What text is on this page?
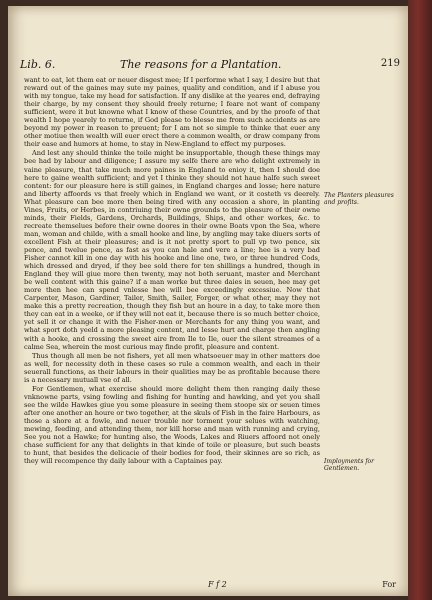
Lib. 6.	The reasons for a Plantation.	219

want to eat, let them eat or neuer disgest mee; If I performe what I say, I desire but that reward out of the gaines may sute my paines, quality and condition, and if I abuse you with my tongue, take my head for satisfaction. If any dislike at the yeares end, defraying their charge, by my consent they should freely returne; I feare not want of company sufficient, were it but knowne what I know of these Countries, and by the proofe of that wealth I hope yearely to returne, if God please to blesse me from such accidents as are beyond my power in reason to preuent; for I am not so simple to thinke that euer any other motiue then wealth will euer erect there a common wealth, or draw company from their ease and humors at home, to stay in New-England to effect my purposes.

And lest any should thinke the toile might be insupportable, though these things may bee had by labour and diligence; I assure my selfe there are who delight extremely in vaine pleasure, that take much more paines in England to enioy it, then I should doe here to gaine wealth sufficient; and yet I thinke they should not haue halfe such sweet content: for our pleasure here is still gaines, in England charges and losse; here nature and liberty affoords vs that freely which in England we want, or it costeth vs deerely. What pleasure can bee more then being tired with any occasion a shore, in planting Vines, Fruits, or Herbes, in contriuing their owne grounds to the pleasure of their owne minds, their Fields, Gardens, Orchards, Buildings, Ships, and other workes, &c. to recreate themselues before their owne doores in their owne Boats vpon the Sea, where man, woman and childe, with a small hooke and line, by angling may take diuers sorts of excellent Fish at their pleasures; and is it not pretty sport to pull vp two pence, six pence, and twelue pence, as fast as you can hale and vere a line; hee is a very bad Fisher cannot kill in one day with his hooke and line one, two, or three hundred Cods, which dressed and dryed, if they bee sold there for ten shillings a hundred, though in England they will giue more then twenty, may not both seruant, master and Merchant be well content with this gaine? if a man worke but three daies in seuen, hee may get more then hee can spend vnlesse hee will bee exceedingly excessiue. Now that Carpenter, Mason, Gardiner, Tailer, Smith, Sailer, Forger, or what other, may they not make this a pretty recreation, though they fish but an houre in a day, to take more then they can eat in a weeke, or if they will not eat it, because there is so much better choice, yet sell it or change it with the Fisher-men or Merchants for any thing you want, and what sport doth yeeld a more pleasing content, and lesse hurt and charge then angling with a hooke, and crossing the sweet aire from Ile to Ile, ouer the silent streames of a calme Sea, wherein the most curious may finde profit, pleasure and content.

Thus though all men be not fishers, yet all men whatsoeuer may in other matters doe as well, for necessity doth in these cases so rule a common wealth, and each in their seuerall functions, as their labours in their qualities may be as profitable because there is a necessary mutuall vse of all.

For Gentlemen, what exercise should more delight them then ranging daily these vnknowne parts, vsing fowling and fishing for hunting and hawking, and yet you shall see the wilde Hawkes giue you some pleasure in seeing them stoope six or seuen times after one another an houre or two together, at the skuls of Fish in the faire Harbours, as those a shore at a fowle, and neuer trouble nor torment your selues with watching, mewing, feeding, and attending them, nor kill horse and man with running and crying, See you not a Hawke; for hunting also, the Woods, Lakes and Riuers affoord not onely chase sufficient for any that delights in that kinde of toile or pleasure, but such beasts to hunt, that besides the delicacie of their bodies for food, their skinnes are so rich, as they will recompence thy daily labour with a Captaines pay.

The Planters pleasures and profits.
Imployments for Gentlemen.
F f 2	For
